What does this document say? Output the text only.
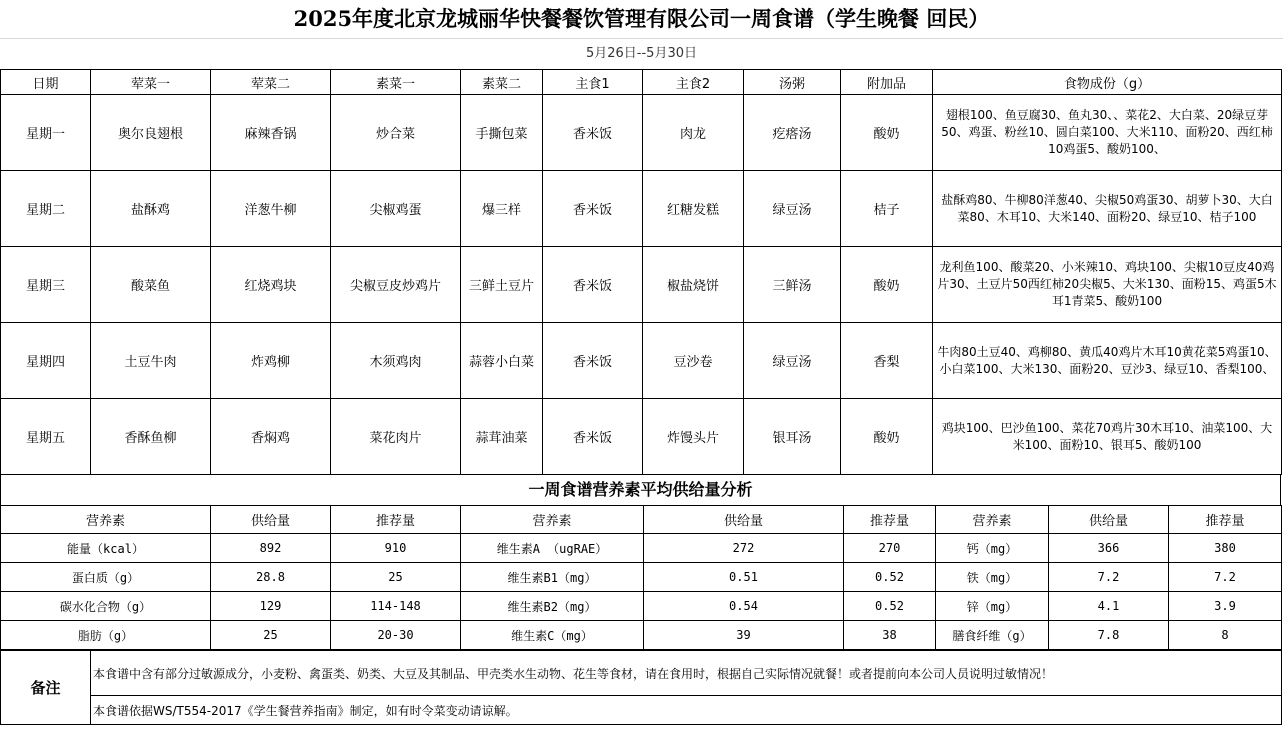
2025年度北京龙城丽华快餐餐饮管理有限公司一周食谱（学生晚餐 回民）
5月26日--5月30日
日期	荤菜一	荤菜二	素菜一	素菜二	主食1	主食2	汤粥	附加品	食物成份（g）
星期一	奥尔良翅根	麻辣香锅	炒合菜	手撕包菜	香米饭	肉龙	疙瘩汤	酸奶	翅根100、鱼豆腐30、鱼丸30、、菜花2、大白菜、20绿豆芽50、鸡蛋、粉丝10、圆白菜100、大米110、面粉20、西红柿10鸡蛋5、酸奶100、
星期二	盐酥鸡	洋葱牛柳	尖椒鸡蛋	爆三样	香米饭	红糖发糕	绿豆汤	桔子	盐酥鸡80、牛柳80洋葱40、尖椒50鸡蛋30、胡萝卜30、大白菜80、木耳10、大米140、面粉20、绿豆10、桔子100
星期三	酸菜鱼	红烧鸡块	尖椒豆皮炒鸡片	三鲜土豆片	香米饭	椒盐烧饼	三鲜汤	酸奶	龙利鱼100、酸菜20、小米辣10、鸡块100、尖椒10豆皮40鸡片30、土豆片50西红柿20尖椒5、大米130、面粉15、鸡蛋5木耳1青菜5、酸奶100
星期四	土豆牛肉	炸鸡柳	木须鸡肉	蒜蓉小白菜	香米饭	豆沙卷	绿豆汤	香梨	牛肉80土豆40、鸡柳80、黄瓜40鸡片木耳10黄花菜5鸡蛋10、小白菜100、大米130、面粉20、豆沙3、绿豆10、香梨100、
星期五	香酥鱼柳	香焖鸡	菜花肉片	蒜茸油菜	香米饭	炸馒头片	银耳汤	酸奶	鸡块100、巴沙鱼100、菜花70鸡片30木耳10、油菜100、大米100、面粉10、银耳5、酸奶100
一周食谱营养素平均供给量分析
营养素	供给量	推荐量	营养素	供给量	推荐量	营养素	供给量	推荐量
能量（kcal）	892	910	维生素A （ugRAE）	272	270	钙（mg）	366	380
蛋白质（g）	28.8	25	维生素B1（mg）	0.51	0.52	铁（mg）	7.2	7.2
碳水化合物（g）	129	114-148	维生素B2（mg）	0.54	0.52	锌（mg）	4.1	3.9
脂肪（g）	25	20-30	维生素C（mg）	39	38	膳食纤维（g）	7.8	8
备注	本食谱中含有部分过敏源成分，小麦粉、禽蛋类、奶类、大豆及其制品、甲壳类水生动物、花生等食材，请在食用时，根据自己实际情况就餐！或者提前向本公司人员说明过敏情况！
本食谱依据WS/T554-2017《学生餐营养指南》制定，如有时令菜变动请谅解。
